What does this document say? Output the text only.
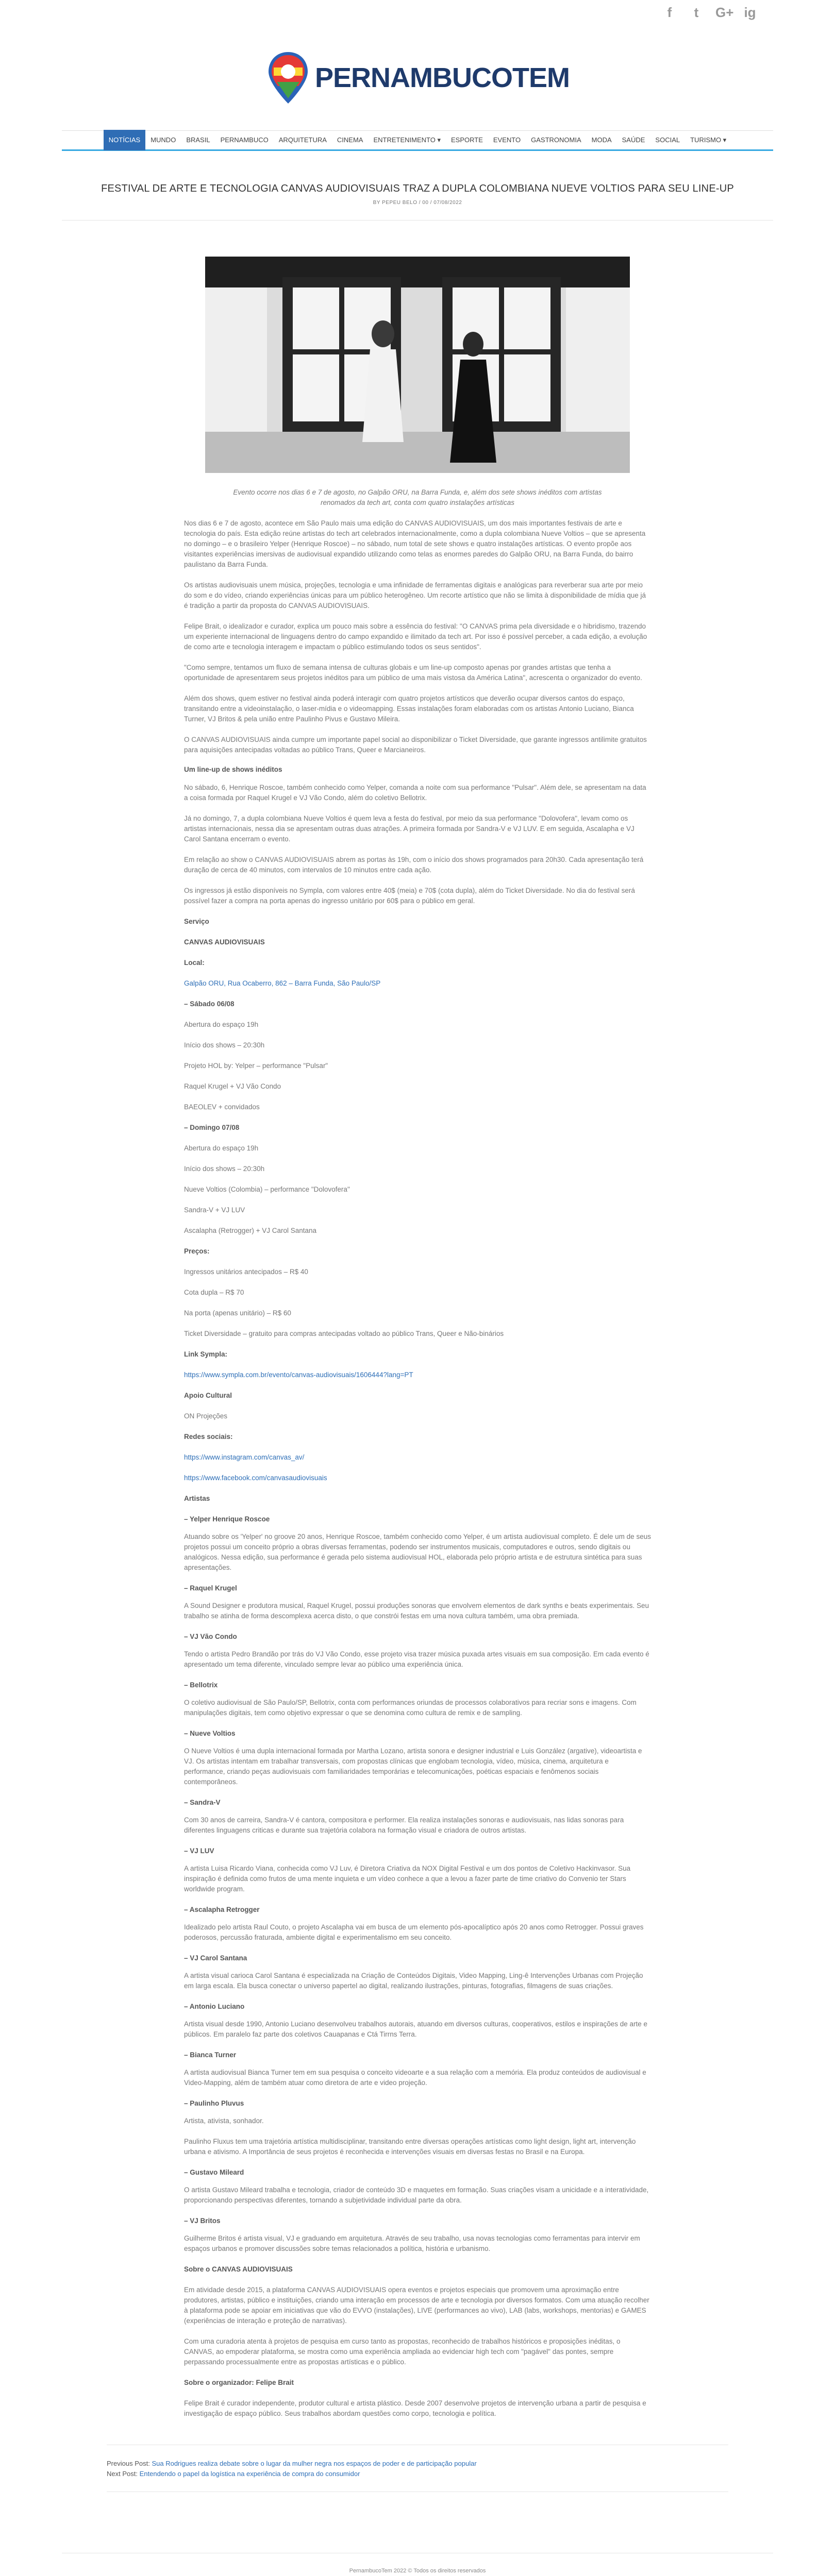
f	t	G+ ig
PERNAMBUCOTEM
NOTÍCIAS	MUNDO	BRASIL	PERNAMBUCO	ARQUITETURA	CINEMA	ENTRETENIMENTO ▾	ESPORTE	EVENTO	GASTRONOMIA	MODA	SAÚDE	SOCIAL	TURISMO ▾
FESTIVAL DE ARTE E TECNOLOGIA CANVAS AUDIOVISUAIS TRAZ A DUPLA COLOMBIANA NUEVE VOLTIOS PARA SEU LINE-UP
BY PEPEU BELO / 00 / 07/08/2022

Evento ocorre nos dias 6 e 7 de agosto, no Galpão ORU, na Barra Funda, e, além dos sete shows inéditos com artistas renomados da tech art, conta com quatro instalações artísticas

Nos dias 6 e 7 de agosto, acontece em São Paulo mais uma edição do CANVAS AUDIOVISUAIS, um dos mais importantes festivais de arte e tecnologia do país. Esta edição reúne artistas do tech art celebrados internacionalmente, como a dupla colombiana Nueve Voltios – que se apresenta no domingo – e o brasileiro Yelper (Henrique Roscoe) – no sábado, num total de sete shows e quatro instalações artísticas. O evento propõe aos visitantes experiências imersivas de audiovisual expandido utilizando como telas as enormes paredes do Galpão ORU, na Barra Funda, do bairro paulistano da Barra Funda.

Os artistas audiovisuais unem música, projeções, tecnologia e uma infinidade de ferramentas digitais e analógicas para reverberar sua arte por meio do som e do vídeo, criando experiências únicas para um público heterogêneo. Um recorte artístico que não se limita à disponibilidade de mídia que já é tradição a partir da proposta do CANVAS AUDIOVISUAIS.

Felipe Brait, o idealizador e curador, explica um pouco mais sobre a essência do festival: "O CANVAS prima pela diversidade e o hibridismo, trazendo um experiente internacional de linguagens dentro do campo expandido e ilimitado da tech art. Por isso é possível perceber, a cada edição, a evolução de como arte e tecnologia interagem e impactam o público estimulando todos os seus sentidos".

"Como sempre, tentamos um fluxo de semana intensa de culturas globais e um line-up composto apenas por grandes artistas que tenha a oportunidade de apresentarem seus projetos inéditos para um público de uma mais vistosa da América Latina", acrescenta o organizador do evento.

Além dos shows, quem estiver no festival ainda poderá interagir com quatro projetos artísticos que deverão ocupar diversos cantos do espaço, transitando entre a videoinstalação, o laser-mídia e o videomapping. Essas instalações foram elaboradas com os artistas Antonio Luciano, Bianca Turner, VJ Britos & pela união entre Paulinho Pivus e Gustavo Mileira.

O CANVAS AUDIOVISUAIS ainda cumpre um importante papel social ao disponibilizar o Ticket Diversidade, que garante ingressos antilimite gratuitos para aquisições antecipadas voltadas ao público Trans, Queer e Marcianeiros.

Um line-up de shows inéditos

No sábado, 6, Henrique Roscoe, também conhecido como Yelper, comanda a noite com sua performance "Pulsar". Além dele, se apresentam na data a coisa formada por Raquel Krugel e VJ Vão Condo, além do coletivo Bellotrix.

Já no domingo, 7, a dupla colombiana Nueve Voltios é quem leva a festa do festival, por meio da sua performance "Dolovofera", levam como os artistas internacionais, nessa dia se apresentam outras duas atrações. A primeira formada por Sandra-V e VJ LUV. E em seguida, Ascalapha e VJ Carol Santana encerram o evento.

Em relação ao show o CANVAS AUDIOVISUAIS abrem as portas às 19h, com o início dos shows programados para 20h30. Cada apresentação terá duração de cerca de 40 minutos, com intervalos de 10 minutos entre cada ação.

Os ingressos já estão disponíveis no Sympla, com valores entre 40$ (meia) e 70$ (cota dupla), além do Ticket Diversidade. No dia do festival será possível fazer a compra na porta apenas do ingresso unitário por 60$ para o público em geral.

Serviço

CANVAS AUDIOVISUAIS

Local:

Galpão ORU, Rua Ocaberro, 862 – Barra Funda, São Paulo/SP

– Sábado 06/08

Abertura do espaço 19h

Início dos shows – 20:30h

Projeto HOL by: Yelper – performance "Pulsar"

Raquel Krugel + VJ Vão Condo

BAEOLEV + convidados

– Domingo 07/08

Abertura do espaço 19h

Início dos shows – 20:30h

Nueve Voltios (Colombia) – performance "Dolovofera"

Sandra-V + VJ LUV

Ascalapha (Retrogger) + VJ Carol Santana

Preços:

Ingressos unitários antecipados – R$ 40

Cota dupla – R$ 70

Na porta (apenas unitário) – R$ 60

Ticket Diversidade – gratuito para compras antecipadas voltado ao público Trans, Queer e Não-binários

Link Sympla:

https://www.sympla.com.br/evento/canvas-audiovisuais/1606444?lang=PT

Apoio Cultural

ON Projeções

Redes sociais:

https://www.instagram.com/canvas_av/

https://www.facebook.com/canvasaudiovisuais

Artistas

– Yelper Henrique Roscoe

Atuando sobre os 'Yelper' no groove 20 anos, Henrique Roscoe, também conhecido como Yelper, é um artista audiovisual completo. É dele um de seus projetos possui um conceito próprio a obras diversas ferramentas, podendo ser instrumentos musicais, computadores e outros, sendo digitais ou analógicos. Nessa edição, sua performance é gerada pelo sistema audiovisual HOL, elaborada pelo próprio artista e de estrutura sintética para suas apresentações.

– Raquel Krugel

A Sound Designer e produtora musical, Raquel Krugel, possui produções sonoras que envolvem elementos de dark synths e beats experimentais. Seu trabalho se atinha de forma descomplexa acerca disto, o que constrói festas em uma nova cultura também, uma obra premiada.

– VJ Vão Condo

Tendo o artista Pedro Brandão por trás do VJ Vão Condo, esse projeto visa trazer música puxada artes visuais em sua composição. Em cada evento é apresentado um tema diferente, vinculado sempre levar ao público uma experiência única.

– Bellotrix

O coletivo audiovisual de São Paulo/SP, Bellotrix, conta com performances oriundas de processos colaborativos para recriar sons e imagens. Com manipulações digitais, tem como objetivo expressar o que se denomina como cultura de remix e de sampling.

– Nueve Voltios

O Nueve Voltios é uma dupla internacional formada por Martha Lozano, artista sonora e designer industrial e Luis González (argative), videoartista e VJ. Os artistas intentam em trabalhar transversais, com propostas clínicas que englobam tecnologia, vídeo, música, cinema, arquitetura e performance, criando peças audiovisuais com familiaridades temporárias e telecomunicações, poéticas espaciais e fenômenos sociais contemporâneos.

– Sandra-V

Com 30 anos de carreira, Sandra-V é cantora, compositora e performer. Ela realiza instalações sonoras e audiovisuais, nas lidas sonoras para diferentes linguagens criticas e durante sua trajetória colabora na formação visual e criadora de outros artistas.

– VJ LUV

A artista Luisa Ricardo Viana, conhecida como VJ Luv, é Diretora Criativa da NOX Digital Festival e um dos pontos de Coletivo Hackinvasor. Sua inspiração é definida como frutos de uma mente inquieta e um vídeo conhece a que a levou a fazer parte de time criativo do Convenio ter Stars worldwide program.

– Ascalapha Retrogger

Idealizado pelo artista Raul Couto, o projeto Ascalapha vai em busca de um elemento pós-apocalíptico após 20 anos como Retrogger. Possui graves poderosos, percussão fraturada, ambiente digital e experimentalismo em seu conceito.

– VJ Carol Santana

A artista visual carioca Carol Santana é especializada na Criação de Conteúdos Digitais, Video Mapping, Ling-ê Intervenções Urbanas com Projeção em larga escala. Ela busca conectar o universo papertel ao digital, realizando ilustrações, pinturas, fotografias, filmagens de suas criações.

– Antonio Luciano

Artista visual desde 1990, Antonio Luciano desenvolveu trabalhos autorais, atuando em diversos culturas, cooperativos, estilos e inspirações de arte e públicos. Em paralelo faz parte dos coletivos Cauapanas e Ctá Tirrns Terra.

– Bianca Turner

A artista audiovisual Bianca Turner tem em sua pesquisa o conceito videoarte e a sua relação com a memória. Ela produz conteúdos de audiovisual e Video-Mapping, além de também atuar como diretora de arte e video projeção.

– Paulinho Pluvus

Artista, ativista, sonhador.

Paulinho Fluxus tem uma trajetória artística multidisciplinar, transitando entre diversas operações artísticas como light design, light art, intervenção urbana e ativismo. A Importância de seus projetos é reconhecida e intervenções visuais em diversas festas no Brasil e na Europa.

– Gustavo Mileard

O artista Gustavo Mileard trabalha e tecnologia, criador de conteúdo 3D e maquetes em formação. Suas criações visam a unicidade e a interatividade, proporcionando perspectivas diferentes, tornando a subjetividade individual parte da obra.

– VJ Britos

Guilherme Britos é artista visual, VJ e graduando em arquitetura. Através de seu trabalho, usa novas tecnologias como ferramentas para intervir em espaços urbanos e promover discussões sobre temas relacionados a política, história e urbanismo.

Sobre o CANVAS AUDIOVISUAIS

Em atividade desde 2015, a plataforma CANVAS AUDIOVISUAIS opera eventos e projetos especiais que promovem uma aproximação entre produtores, artistas, público e instituições, criando uma interação em processos de arte e tecnologia por diversos formatos. Com uma atuação recolher à plataforma pode se apoiar em iniciativas que vão do EVVO (instalações), LIVE (performances ao vivo), LAB (labs, workshops, mentorias) e GAMES (experiências de interação e proteção de narrativas).

Com uma curadoria atenta à projetos de pesquisa em curso tanto as propostas, reconhecido de trabalhos históricos e proposições inéditas, o CANVAS, ao empoderar plataforma, se mostra como uma experiência ampliada ao evidenciar high tech com "pagável" das pontes, sempre perpassando processualmente entre as propostas artísticas e o público.

Sobre o organizador: Felipe Brait

Felipe Brait é curador independente, produtor cultural e artista plástico. Desde 2007 desenvolve projetos de intervenção urbana a partir de pesquisa e investigação de espaço público. Seus trabalhos abordam questões como corpo, tecnologia e política.

Previous Post: Sua Rodrigues realiza debate sobre o lugar da mulher negra nos espaços de poder e de participação popular
Next Post: Entendendo o papel da logística na experiência de compra do consumidor
PernambucoTem 2022 © Todos os direitos reservados
